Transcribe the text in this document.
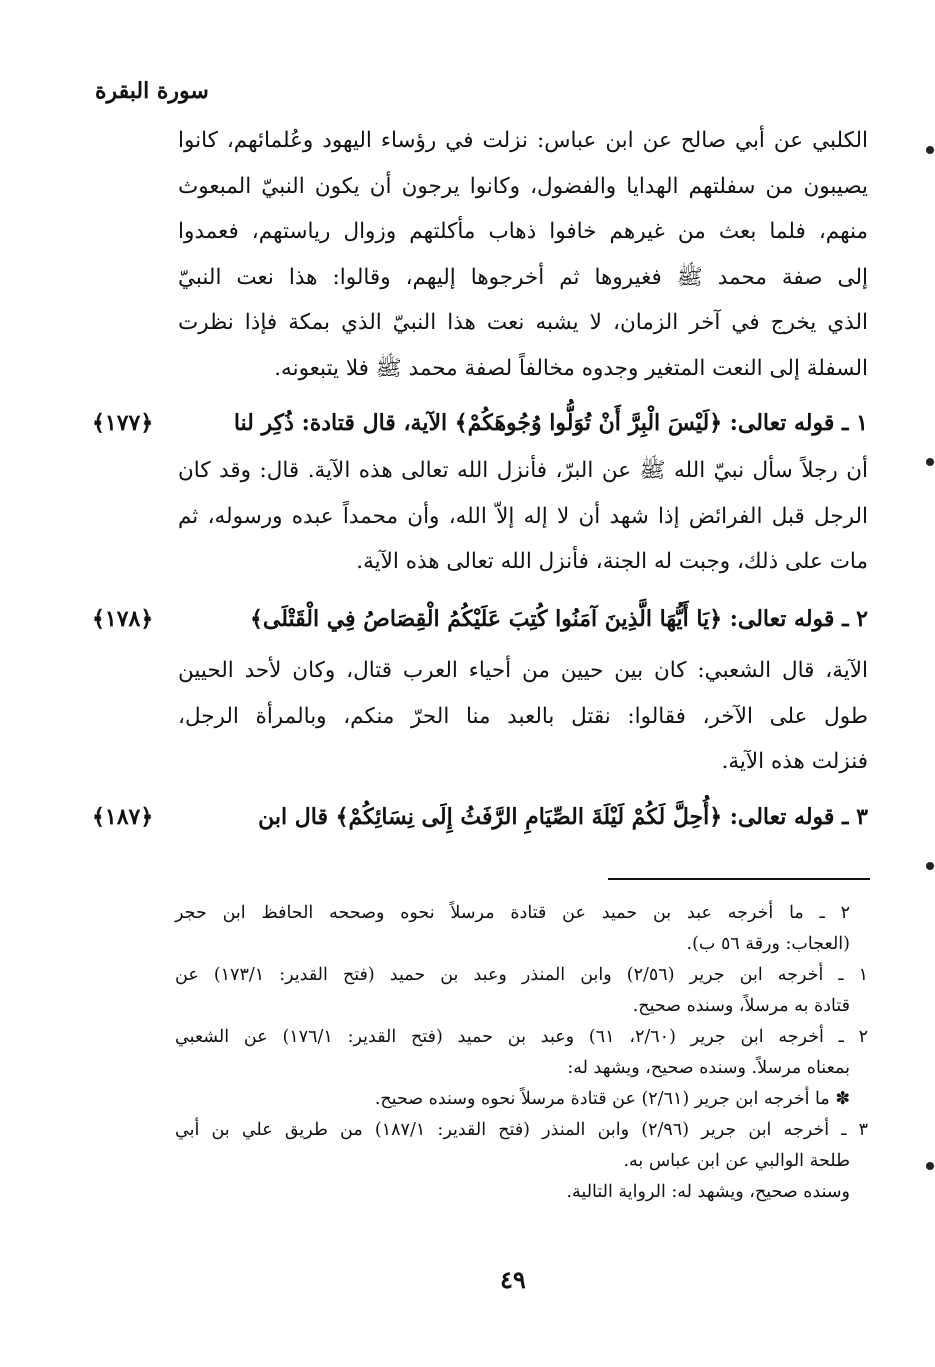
سورة البقرة

الكلبي عن أبي صالح عن ابن عباس: نزلت في رؤساء اليهود وعُلمائهم، كانوا

يصيبون من سفلتهم الهدايا والفضول، وكانوا يرجون أن يكون النبيّ المبعوث

منهم، فلما بعث من غيرهم خافوا ذهاب مأكلتهم وزوال رياستهم، فعمدوا

إلى صفة محمد ﷺ فغيروها ثم أخرجوها إليهم، وقالوا: هذا نعت النبيّ

الذي يخرج في آخر الزمان، لا يشبه نعت هذا النبيّ الذي بمكة فإذا نظرت

السفلة إلى النعت المتغير وجدوه مخالفاً لصفة محمد ﷺ فلا يتبعونه.

١ ـ قوله تعالى: ﴿لَيْسَ الْبِرَّ أَنْ تُوَلُّوا وُجُوهَكُمْ﴾ الآية، قال قتادة: ذُكِر لنا
﴿١٧٧﴾

أن رجلاً سأل نبيّ الله ﷺ عن البرّ، فأنزل الله تعالى هذه الآية. قال: وقد كان

الرجل قبل الفرائض إذا شهد أن لا إله إلاّ الله، وأن محمداً عبده ورسوله، ثم

مات على ذلك، وجبت له الجنة، فأنزل الله تعالى هذه الآية.

٢ ـ قوله تعالى: ﴿يَا أَيُّهَا الَّذِينَ آمَنُوا كُتِبَ عَلَيْكُمُ الْقِصَاصُ فِي الْقَتْلَى﴾
﴿١٧٨﴾

الآية، قال الشعبي: كان بين حيين من أحياء العرب قتال، وكان لأحد الحيين

طول على الآخر، فقالوا: نقتل بالعبد منا الحرّ منكم، وبالمرأة الرجل،

فنزلت هذه الآية.

٣ ـ قوله تعالى: ﴿أُحِلَّ لَكُمْ لَيْلَةَ الصِّيَامِ الرَّفَثُ إِلَى نِسَائِكُمْ﴾ قال ابن
﴿١٨٧﴾

٢ ـ ما أخرجه عبد بن حميد عن قتادة مرسلاً نحوه وصححه الحافظ ابن حجر

(العجاب: ورقة ٥٦ ب).

١ ـ أخرجه ابن جرير (٢/٥٦) وابن المنذر وعبد بن حميد (فتح القدير: ١٧٣/١) عن

قتادة به مرسلاً، وسنده صحيح.

٢ ـ أخرجه ابن جرير (٢/٦٠، ٦١) وعبد بن حميد (فتح القدير: ١٧٦/١) عن الشعبي

بمعناه مرسلاً. وسنده صحيح، ويشهد له:

✽ ما أخرجه ابن جرير (٢/٦١) عن قتادة مرسلاً نحوه وسنده صحيح.

٣ ـ أخرجه ابن جرير (٢/٩٦) وابن المنذر (فتح القدير: ١٨٧/١) من طريق علي بن أبي

طلحة الوالبي عن ابن عباس به.

وسنده صحيح، ويشهد له: الرواية التالية.

٤٩
